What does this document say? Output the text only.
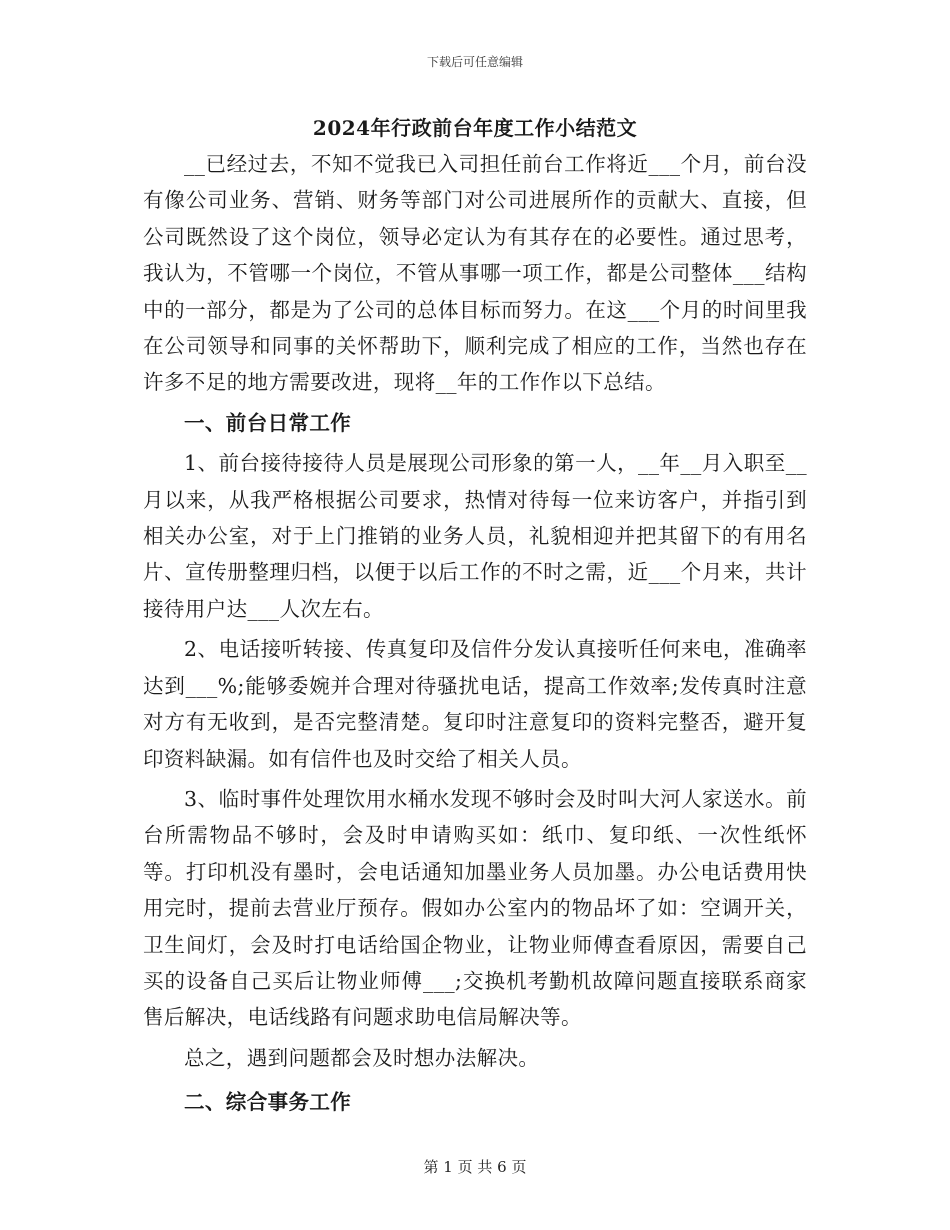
下载后可任意编辑
2024年行政前台年度工作小结范文

__已经过去，不知不觉我已入司担任前台工作将近___个月，前台没有像公司业务、营销、财务等部门对公司进展所作的贡献大、直接，但公司既然设了这个岗位，领导必定认为有其存在的必要性。通过思考，我认为，不管哪一个岗位，不管从事哪一项工作，都是公司整体___结构中的一部分，都是为了公司的总体目标而努力。在这___个月的时间里我在公司领导和同事的关怀帮助下，顺利完成了相应的工作，当然也存在许多不足的地方需要改进，现将__年的工作作以下总结。

一、前台日常工作

1、前台接待接待人员是展现公司形象的第一人，__年__月入职至__月以来，从我严格根据公司要求，热情对待每一位来访客户，并指引到相关办公室，对于上门推销的业务人员，礼貌相迎并把其留下的有用名片、宣传册整理归档，以便于以后工作的不时之需，近___个月来，共计接待用户达___人次左右。

2、电话接听转接、传真复印及信件分发认真接听任何来电，准确率达到___%;能够委婉并合理对待骚扰电话，提高工作效率;发传真时注意对方有无收到，是否完整清楚。复印时注意复印的资料完整否，避开复印资料缺漏。如有信件也及时交给了相关人员。

3、临时事件处理饮用水桶水发现不够时会及时叫大河人家送水。前台所需物品不够时，会及时申请购买如：纸巾、复印纸、一次性纸怀等。打印机没有墨时，会电话通知加墨业务人员加墨。办公电话费用快用完时，提前去营业厅预存。假如办公室内的物品坏了如：空调开关，卫生间灯，会及时打电话给国企物业，让物业师傅查看原因，需要自己买的设备自己买后让物业师傅___;交换机考勤机故障问题直接联系商家售后解决，电话线路有问题求助电信局解决等。

总之，遇到问题都会及时想办法解决。

二、综合事务工作

第 1 页 共 6 页
